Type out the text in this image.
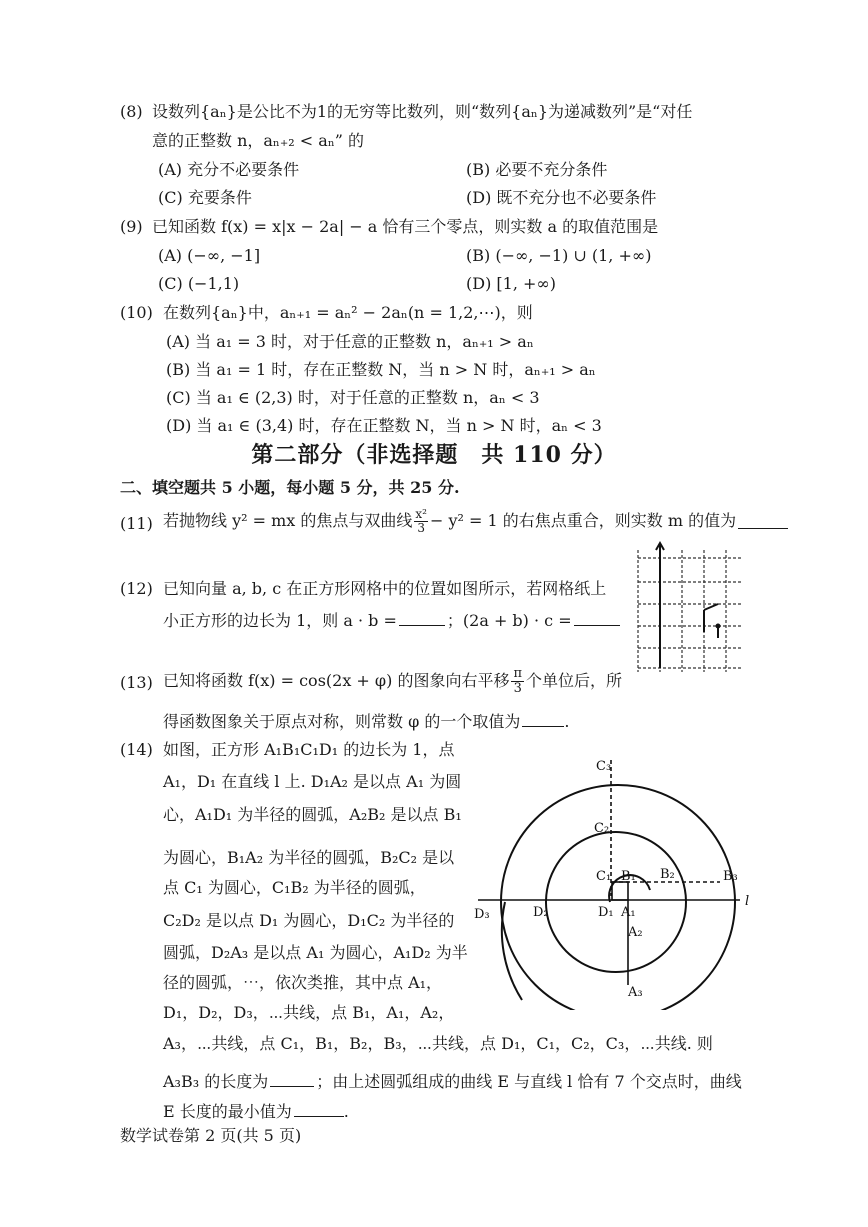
(8) 设数列{aₙ}是公比不为1的无穷等比数列，则“数列{aₙ}为递减数列”是“对任
意的正整数 n，aₙ₊₂ < aₙ” 的
(A) 充分不必要条件	(B) 必要不充分条件
(C) 充要条件	(D) 既不充分也不必要条件
(9) 已知函数 f(x) = x|x − 2a| − a 恰有三个零点，则实数 a 的取值范围是
(A) (−∞, −1]	(B) (−∞, −1) ∪ (1, +∞)
(C) (−1,1)	(D) [1, +∞)
(10) 在数列{aₙ}中，aₙ₊₁ = aₙ² − 2aₙ(n = 1,2,⋯)，则
(A) 当 a₁ = 3 时，对于任意的正整数 n，aₙ₊₁ > aₙ
(B) 当 a₁ = 1 时，存在正整数 N，当 n > N 时，aₙ₊₁ > aₙ
(C) 当 a₁ ∈ (2,3) 时，对于任意的正整数 n，aₙ < 3
(D) 当 a₁ ∈ (3,4) 时，存在正整数 N，当 n > N 时，aₙ < 3
第二部分（非选择题　共 110 分）
二、填空题共 5 小题，每小题 5 分，共 25 分.
(11) 若抛物线 y² = mx 的焦点与双曲线 $\frac{\text{x²}}{3} - y^2 = 1$ 的右焦点重合，则实数 m 的值为
(12) 已知向量 a, b, c 在正方形网格中的位置如图所示，若网格纸上
小正方形的边长为 1，则 a · b =	；(2a + b) · c =
(13) 已知将函数 f(x) = cos(2x + φ) 的图象向右平移 $\frac{\pi}{3}$ 个单位后，所
得函数图象关于原点对称，则常数 φ 的一个取值为	.
(14) 如图，正方形 A₁B₁C₁D₁ 的边长为 1，点
A₁，D₁ 在直线 l 上. D₁A₂ 是以点 A₁ 为圆
心，A₁D₁ 为半径的圆弧，A₂B₂ 是以点 B₁
为圆心，B₁A₂ 为半径的圆弧，B₂C₂ 是以
点 C₁ 为圆心，C₁B₂ 为半径的圆弧，
C₂D₂ 是以点 D₁ 为圆心，D₁C₂ 为半径的
圆弧，D₂A₃ 是以点 A₁ 为圆心，A₁D₂ 为半
径的圆弧，⋯，依次类推，其中点 A₁，
D₁，D₂，D₃，⋯共线，点 B₁，A₁，A₂，
A₃，⋯共线，点 C₁，B₁，B₂，B₃，⋯共线，点 D₁，C₁，C₂，C₃，⋯共线. 则
A₃B₃ 的长度为	；由上述圆弧组成的曲线 E 与直线 l 恰有 7 个交点时，曲线
E 长度的最小值为	.
C₃
C₂
C₁ B₁ B₂	B₃
l
D₃	D₂	D₁ A₁
A₂
A₃
数学试卷第 2 页(共 5 页)
